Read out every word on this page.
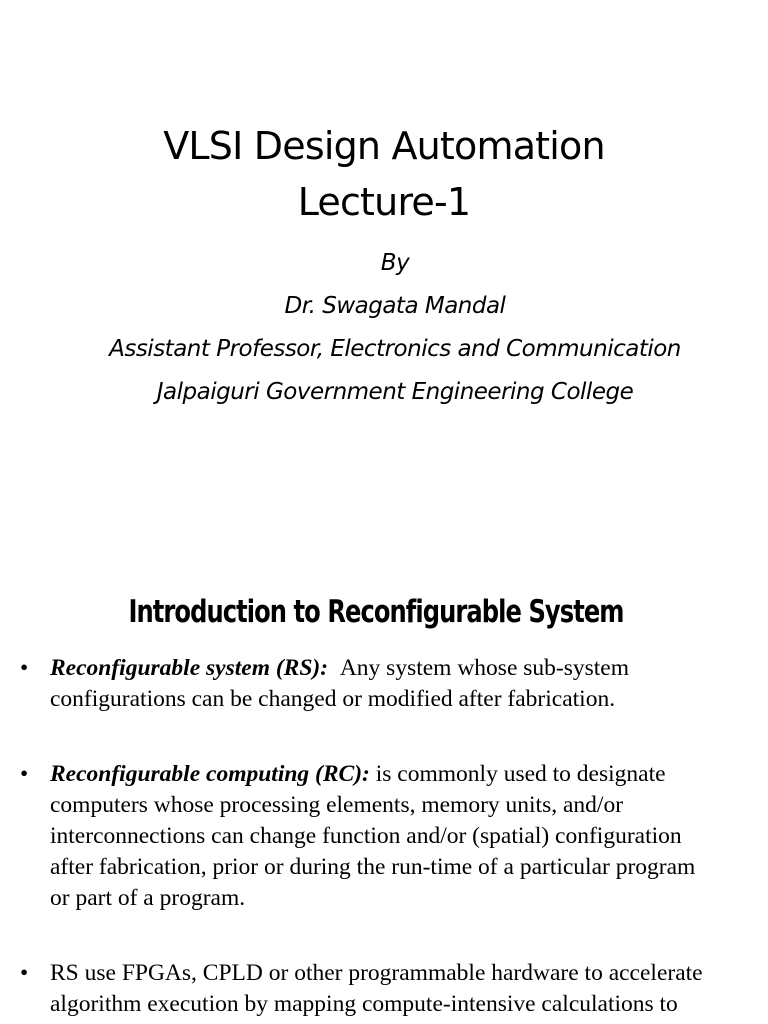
VLSI Design Automation
Lecture-1
By
Dr. Swagata Mandal
Assistant Professor, Electronics and Communication
Jalpaiguri Government Engineering College
Introduction to Reconfigurable System
• Reconfigurable system (RS): Any system whose sub-system
configurations can be changed or modified after fabrication.
• Reconfigurable computing (RC): is commonly used to designate
computers whose processing elements, memory units, and/or
interconnections can change function and/or (spatial) configuration
after fabrication, prior or during the run-time of a particular program
or part of a program.
• RS use FPGAs, CPLD or other programmable hardware to accelerate
algorithm execution by mapping compute-intensive calculations to
